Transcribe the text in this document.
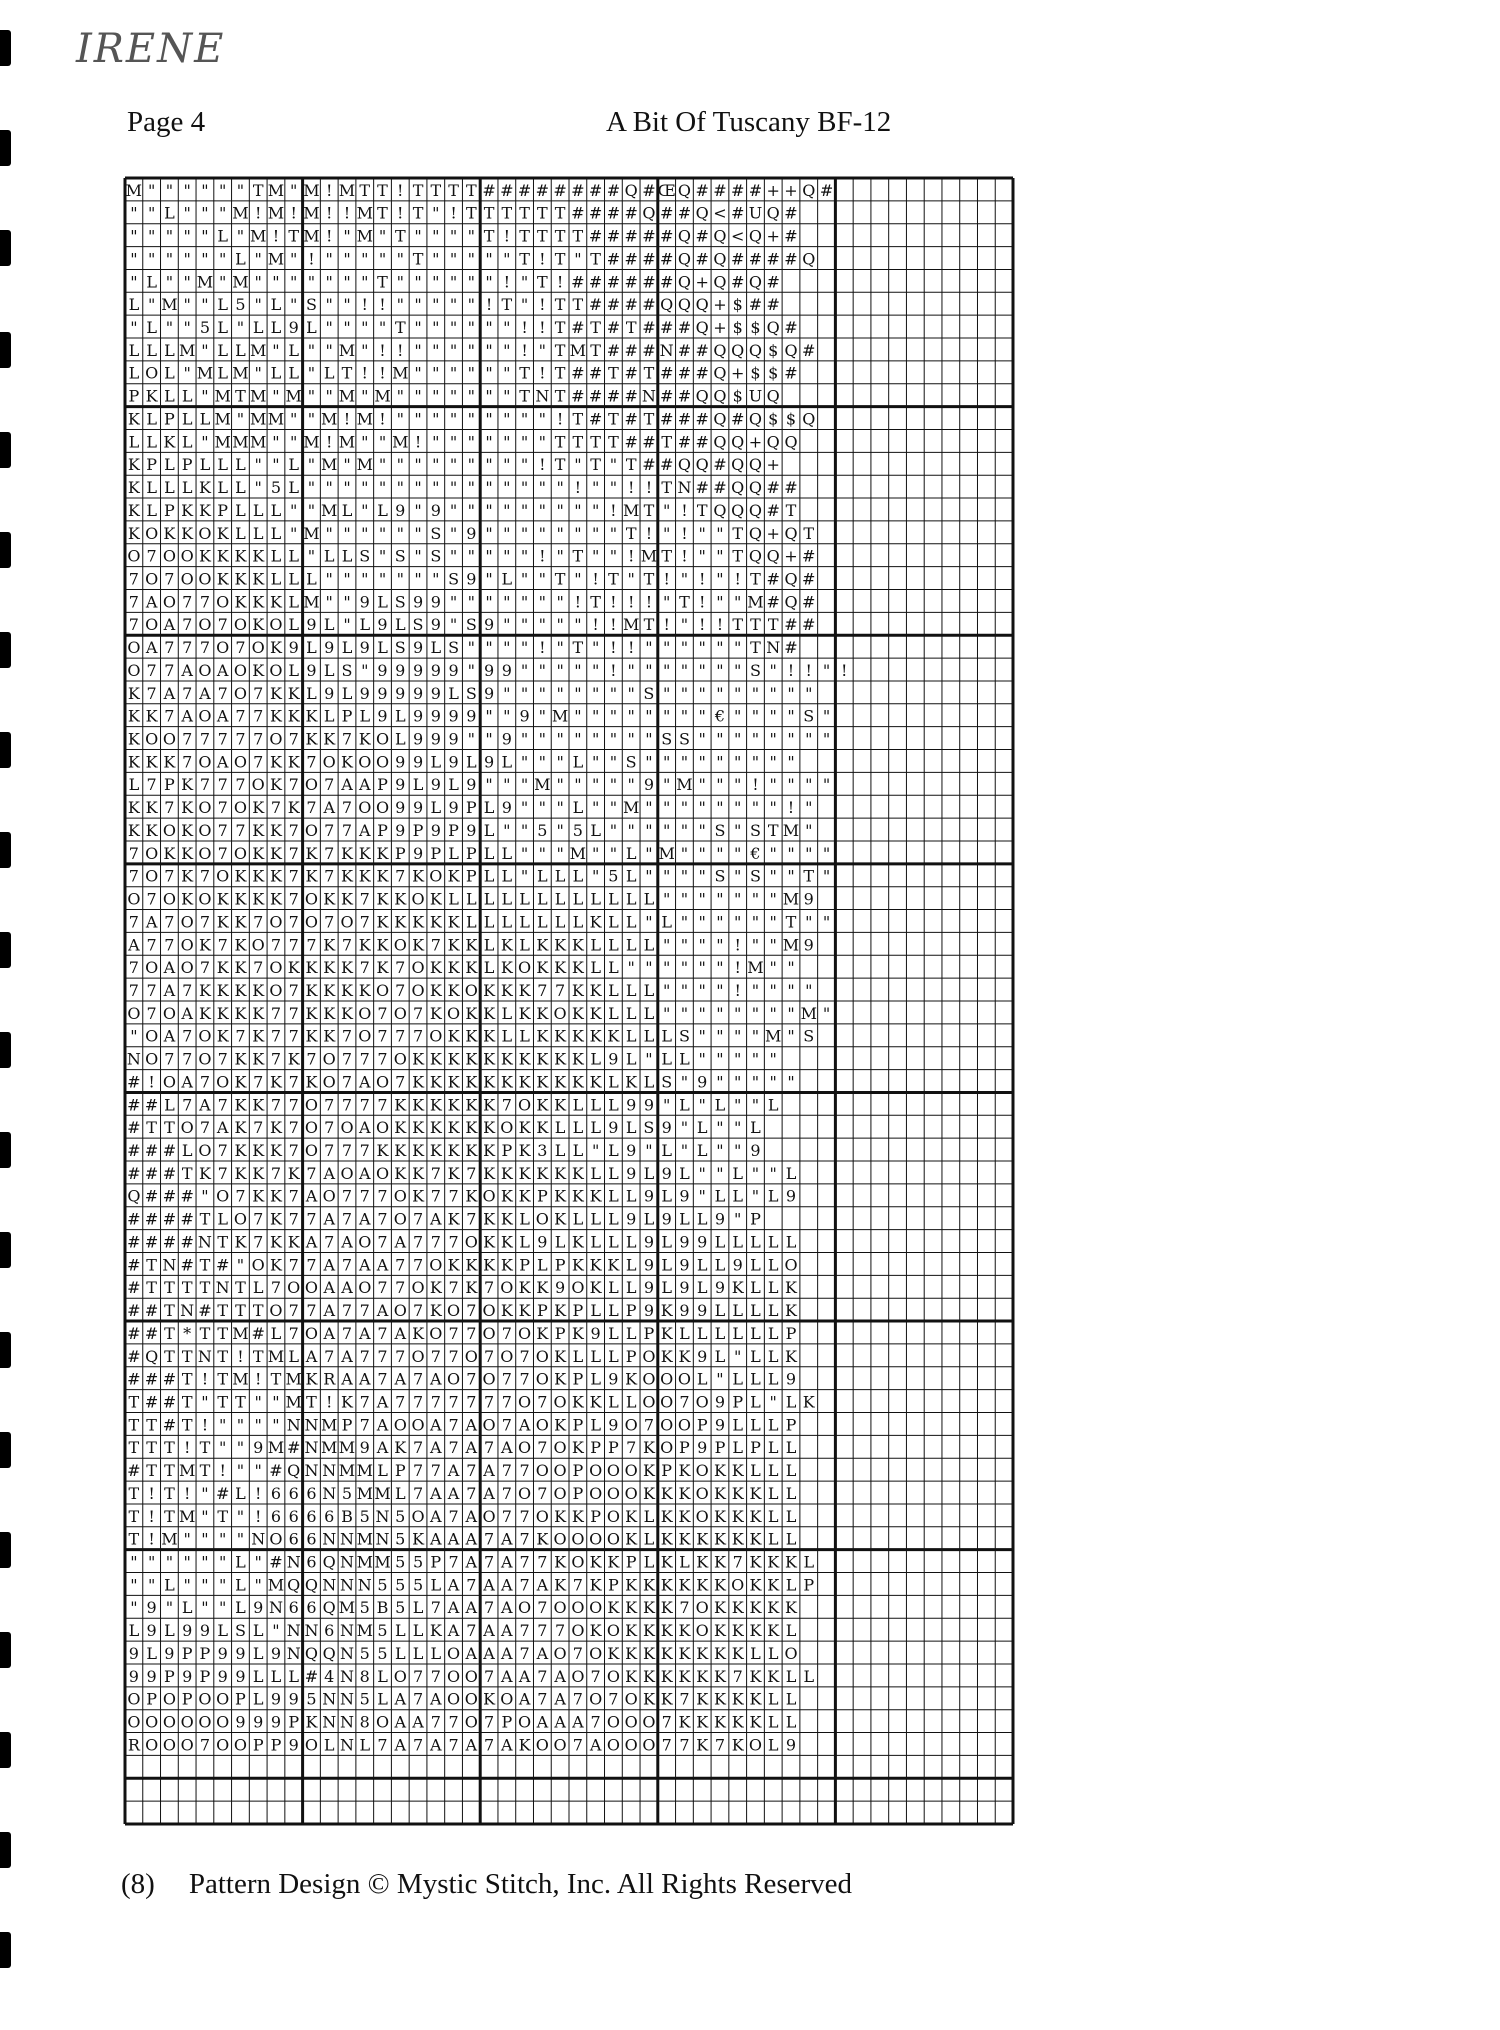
IRENE
Page 4	A Bit Of Tuscany BF-12
M""""""TM"M!MTT!TTTT########Q#ŒQ####++Q#
""L"""M!M!M!!MT!T"!TTTTTT####Q##Q<#UQ#
"""""L"M!TM!"M"T""""T!TTTT#####Q#Q<Q+#
""""""L"M"!"""""T"""""T!T"T####Q#Q####Q
"L""M"M"""""""T""""""!"T!######Q+Q#Q#
L"M""L5"L"S""!!"""""!T"!TT####QQQ+$##
"L""5L"LL9L""""T""""""!!T#T#T###Q+$$Q#
LLLM"LLM"L""M"!!""""""!"TMT###N##QQQ$Q#
LOL"MLM"LL"LT!!M""""""T!T##T#T###Q+$$#
PKLL"MTM"M""M"M"""""""TNT####N##QQ$UQ
KLPLLM"MM""M!M!"""""""""!T#T#T###Q#Q$$Q
LLKL"MMM""M!M""M!"""""""TTTT##T##QQ+QQ
KPLPLLL""L"M"M"""""""""!T"T"T##QQ#QQ+
KLLLKLL"5L"""""""""""""""!""!!TN##QQ##
KLPKKPLLL""ML"L9"9"""""""""!MT"!TQQQ#T
KOKKOKLLL"M""""""S"9""""""""T!"!""TQ+QT
O7OOKKKKLL"LLS"S"S"""""!"T""!MT!""TQQ+#
7O7OOKKKLLL"""""""S9"L""T"!T"T!"!"!T#Q#
7AO77OKKKLM""9LS99"""""""!T!!!"T!""M#Q#
7OA7O7OKOL9L"L9LS9"S9"""""!!MT!"!!TTT##
OA777O7OK9L9L9LS9LS""""!"T"!!""""""TN#
O77AOAOKOL9LS"99999"99"""""!"""""""S"!!"!
K7A7A7O7KKL9L99999LS9""""""""S"""""""""
KK7AOA77KKKLPL9L9999""9"M""""""""€""""S"
KOO77777O7KK7KOL999""9""""""""SS""""""""
KKK7OAO7KK7OKOO99L9L9L"""L""S"""""""""
L7PK777OK7O7AAP9L9L9"""M"""""9"M"""!""""
KK7KO7OK7K7A7OO99L9PL9"""L""M""""""""!"
KKOKO77KK7O77AP9P9P9L""5"5L""""""S"STM"
7OKKO7OKK7K7KKKP9PLPLL"""M""L"M""""€""""
7O7K7OKKK7K7KKK7KOKPLL"LLL"5L""""S"S""T"
O7OKOKKKK7OKK7KKOKLLLLLLLLLLLL"""""""M9
7A7O7KK7O7O7O7KKKKKLLLLLLLKLL"L""""""T""
A77OK7KO777K7KKOK7KKLKLKKKLLLL""""!""M9
7OAO7KK7OKKKK7K7OKKKLKOKKKLL""""""!M""
77A7KKKKO7KKKKO7OKKOKKK77KKLLL""""!""""
O7OAKKKK77KKKO7O7KOKKLKKOKKLLL""""""""M"
"OA7OK7K77KK7O777OKKKLLKKKKKLLLS""""M"S
NO77O7KK7K7O777OKKKKKKKKKKL9L"LL"""""
#!OA7OK7K7KO7AO7KKKKKKKKKKKLKLS"9"""""
##L7A7KK77O7777KKKKKK7OKKLLL99"L"L""L
#TTO7AK7K7O7OAOKKKKKKOKKLLL9LS9"L""L
###LO7KKK7O777KKKKKKKPK3LL"L9"L"L""9
###TK7KK7K7AOAOKK7K7KKKKKKLL9L9L""L""L
Q###"O7KK7AO777OK77KOKKPKKKLL9L9"LL"L9
####TLO7K77A7A7O7AK7KKLOKLLL9L9LL9"P
####NTK7KKA7AO7A777OKKL9LKLLL9L99LLLLL
#TN#T#"OK77A7AA77OKKKKPLPKKKL9L9LL9LLO
#TTTTNTL7OOAAO77OK7K7OKK9OKLL9L9L9KLLK
##TN#TTTO77A77AO7KO7OKKPKPLLP9K99LLLLK
##T*TTM#L7OA7A7AKO77O7OKPK9LLPKLLLLLLP
#QTTNT!TMLA7A777O77O7O7OKLLLPOKK9L"LLK
###T!TM!TMKRAA7A7AO7O77OKPL9KOOOL"LLL9
T##T"TT""MT!K7A7777777O7OKKLLOO7O9PL"LK
TT#T!""""NNMP7AOOA7AO7AOKPL9O7OOP9LLLP
TTT!T""9M#NMM9AK7A7A7AO7OKPP7KOP9PLPLL
#TTMT!""#QNNMMLP77A7A77OOPOOOKPKOKKLLL
T!T!"#L!666N5MML7AA7A7O7OPOOOKKKOKKKLL
T!TM"T"!6666B5N5OA7AO77OKKPOKLKKOKKKLL
T!M""""NO66NNMN5KAAA7A7KOOOOKLKKKKKKLL
""""""L"#N6QNMM55P7A7A77KOKKPLKLKK7KKKL
""L"""L"MQQNNN555LA7AA7AK7KPKKKKKKOKKLP
"9"L""L9N66QM5B5L7AA7AO7OOOKKKK7OKKKKK
L9L99LSL"NN6NM5LLKA7AA777OKOKKKKOKKKKL
9L9PP99L9NQQN55LLLOAAA7AO7OKKKKKKKKLLO
99P9P99LLL#4N8LO77OO7AA7AO7OKKKKKK7KKLL
OPOPOOPL995NN5LA7AOOKOA7A7O7OKK7KKKKLL
OOOOOO999PKNN8OAA77O7POAAA7OOO7KKKKKLL
ROOO7OOPP9OLNL7A7A7A7AKOO7AOOO77K7KOL9
(8) Pattern Design © Mystic Stitch, Inc. All Rights Reserved
